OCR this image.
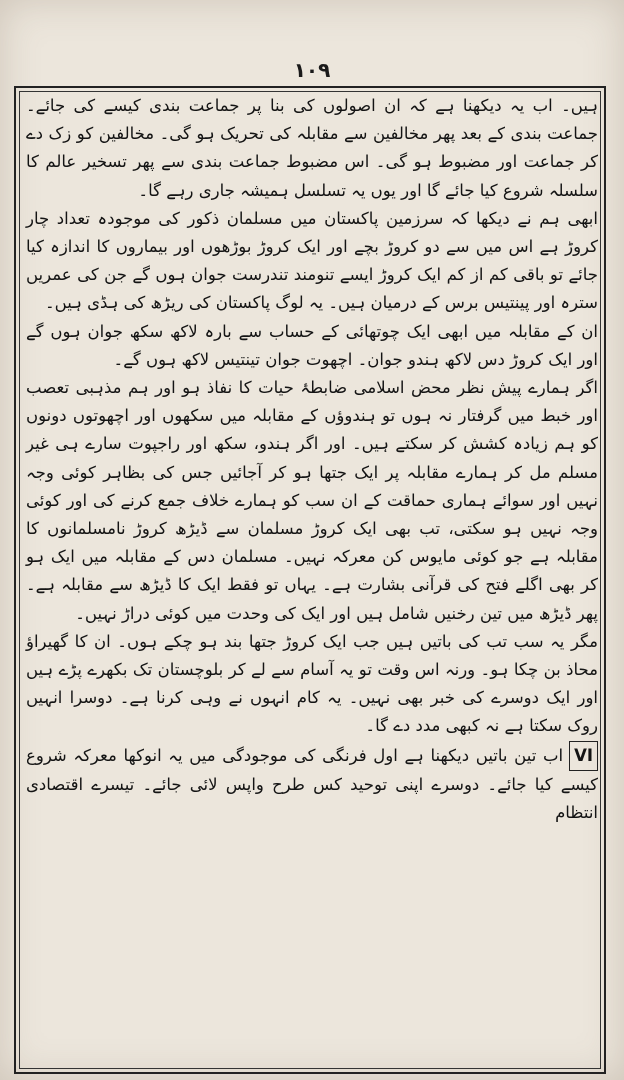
۱۰۹

ہیں۔ اب یہ دیکھنا ہے کہ ان اصولوں کی بنا پر جماعت بندی کیسے کی جائے۔ جماعت بندی کے بعد پھر مخالفین سے مقابلہ کی تحریک ہو گی۔ مخالفین کو زک دے کر جماعت اور مضبوط ہو گی۔ اس مضبوط جماعت بندی سے پھر تسخیر عالم کا سلسلہ شروع کیا جائے گا اور یوں یہ تسلسل ہمیشہ جاری رہے گا۔

ابھی ہم نے دیکھا کہ سرزمین پاکستان میں مسلمان ذکور کی موجودہ تعداد چار کروڑ ہے اس میں سے دو کروڑ بچے اور ایک کروڑ بوڑھوں اور بیماروں کا اندازہ کیا جائے تو باقی کم از کم ایک کروڑ ایسے تنومند تندرست جوان ہوں گے جن کی عمریں سترہ اور پینتیس برس کے درمیان ہیں۔ یہ لوگ پاکستان کی ریڑھ کی ہڈی ہیں۔

ان کے مقابلہ میں ابھی ایک چوتھائی کے حساب سے بارہ لاکھ سکھ جوان ہوں گے اور ایک کروڑ دس لاکھ ہندو جوان۔ اچھوت جوان تینتیس لاکھ ہوں گے۔

اگر ہمارے پیش نظر محض اسلامی ضابطۂ حیات کا نفاذ ہو اور ہم مذہبی تعصب اور خبط میں گرفتار نہ ہوں تو ہندوؤں کے مقابلہ میں سکھوں اور اچھوتوں دونوں کو ہم زیادہ کشش کر سکتے ہیں۔ اور اگر ہندو، سکھ اور راجپوت سارے ہی غیر مسلم مل کر ہمارے مقابلہ پر ایک جتھا ہو کر آجائیں جس کی بظاہر کوئی وجہ نہیں اور سوائے ہماری حماقت کے ان سب کو ہمارے خلاف جمع کرنے کی اور کوئی وجہ نہیں ہو سکتی، تب بھی ایک کروڑ مسلمان سے ڈیڑھ کروڑ نامسلمانوں کا مقابلہ ہے جو کوئی مایوس کن معرکہ نہیں۔ مسلمان دس کے مقابلہ میں ایک ہو کر بھی اگلے فتح کی قرآنی بشارت ہے۔ یہاں تو فقط ایک کا ڈیڑھ سے مقابلہ ہے۔ پھر ڈیڑھ میں تین رخنیں شامل ہیں اور ایک کی وحدت میں کوئی دراڑ نہیں۔

مگر یہ سب تب کی باتیں ہیں جب ایک کروڑ جتھا بند ہو چکے ہوں۔ ان کا گھیراؤ محاذ بن چکا ہو۔ ورنہ اس وقت تو یہ آسام سے لے کر بلوچستان تک بکھرے پڑے ہیں اور ایک دوسرے کی خبر بھی نہیں۔ یہ کام انہوں نے وہی کرنا ہے۔ دوسرا انہیں روک سکتا ہے نہ کبھی مدد دے گا۔

VIاب تین باتیں دیکھنا ہے اول فرنگی کی موجودگی میں یہ انوکھا معرکہ شروع کیسے کیا جائے۔ دوسرے اپنی توحید کس طرح واپس لائی جائے۔ تیسرے اقتصادی انتظام
